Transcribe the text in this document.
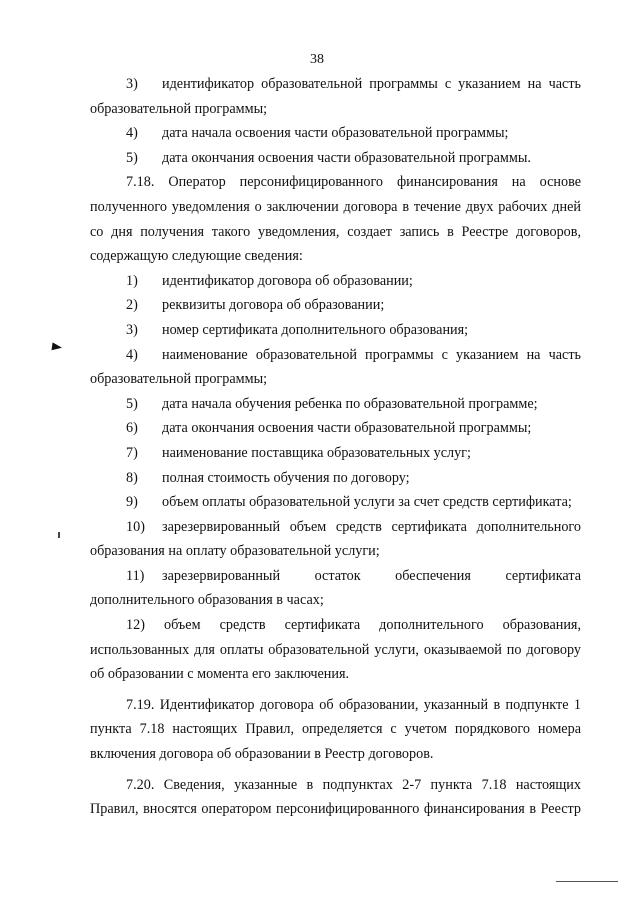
38
3)	идентификатор образовательной программы с указанием на часть

образовательной программы;

4)	дата начала освоения части образовательной программы;
5)	дата окончания освоения части образовательной программы.

7.18. Оператор персонифицированного финансирования на основе

полученного уведомления о заключении договора в течение двух рабочих дней

со дня получения такого уведомления, создает запись в Реестре договоров,

содержащую следующие сведения:

1)	идентификатор договора об образовании;
2)	реквизиты договора об образовании;
3)	номер сертификата дополнительного образования;
4)	наименование образовательной программы с указанием на часть

образовательной программы;

5)	дата начала обучения ребенка по образовательной программе;
6)	дата окончания освоения части образовательной программы;
7)	наименование поставщика образовательных услуг;
8)	полная стоимость обучения по договору;
9)	объем оплаты образовательной услуги за счет средств сертификата;
10)	зарезервированный объем средств сертификата дополнительного

образования на оплату образовательной услуги;

11)	зарезервированный остаток обеспечения сертификата

дополнительного образования в часах;

12) объем средств сертификата дополнительного образования,

использованных для оплаты образовательной услуги, оказываемой по договору

об образовании с момента его заключения.

7.19. Идентификатор договора об образовании, указанный в подпункте 1

пункта 7.18 настоящих Правил, определяется с учетом порядкового номера

включения договора об образовании в Реестр договоров.

7.20. Сведения, указанные в подпунктах 2-7 пункта 7.18 настоящих

Правил, вносятся оператором персонифицированного финансирования в Реестр
